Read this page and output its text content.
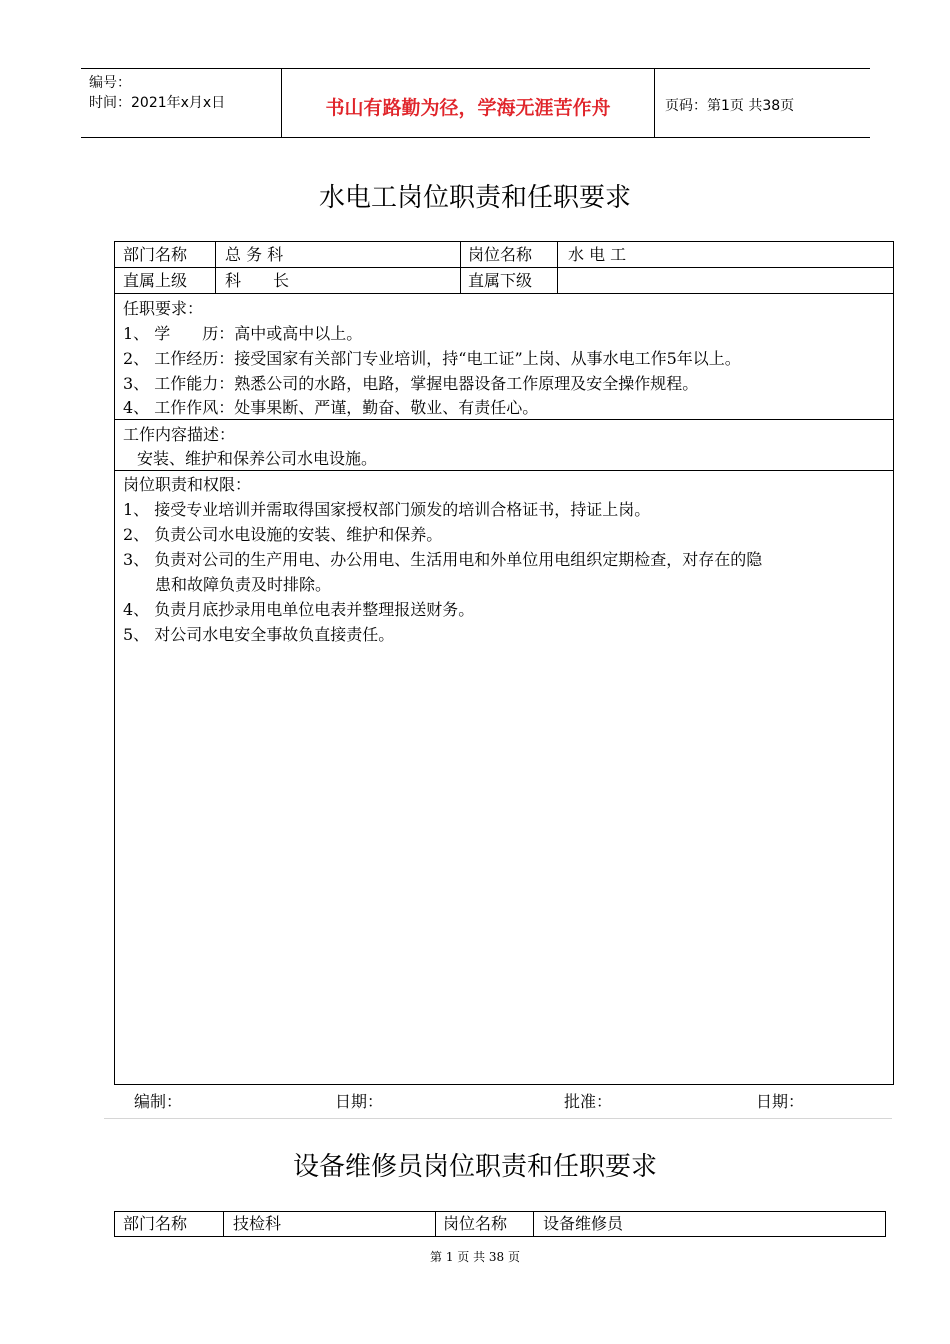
编号：
时间：2021年x月x日	书山有路勤为径，学海无涯苦作舟	页码：第1页 共38页
水电工岗位职责和任职要求
部门名称 总 务 科	岗位名称 水 电 工
直属上级 科　　长	直属下级
任职要求：
1、 学　　历：高中或高中以上。
2、 工作经历：接受国家有关部门专业培训，持“电工证”上岗、从事水电工作5年以上。
3、 工作能力：熟悉公司的水路，电路，掌握电器设备工作原理及安全操作规程。
4、 工作作风：处事果断、严谨，勤奋、敬业、有责任心。
工作内容描述：
安装、维护和保养公司水电设施。
岗位职责和权限：
1、 接受专业培训并需取得国家授权部门颁发的培训合格证书，持证上岗。
2、 负责公司水电设施的安装、维护和保养。
3、 负责对公司的生产用电、办公用电、生活用电和外单位用电组织定期检查，对存在的隐
　　患和故障负责及时排除。
4、 负责月底抄录用电单位电表并整理报送财务。
5、 对公司水电安全事故负直接责任。
编制：	日期：	批准：	日期：
设备维修员岗位职责和任职要求
部门名称	技检科	岗位名称 设备维修员
第 1 页 共 38 页
